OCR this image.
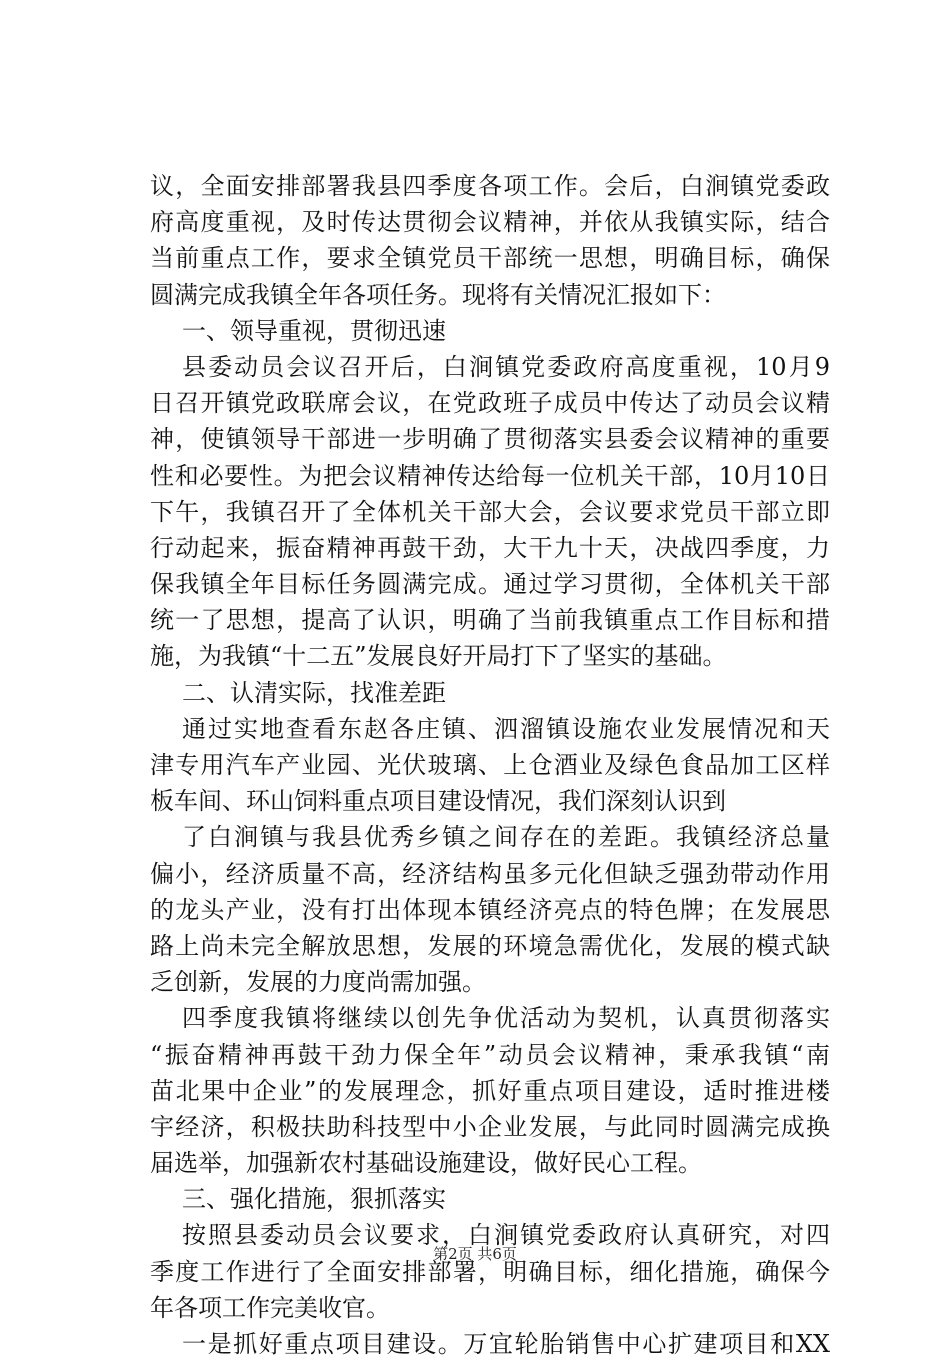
议，全面安排部署我县四季度各项工作。会后，白涧镇党委政
府高度重视，及时传达贯彻会议精神，并依从我镇实际，结合
当前重点工作，要求全镇党员干部统一思想，明确目标，确保
圆满完成我镇全年各项任务。现将有关情况汇报如下：
一、领导重视，贯彻迅速
县委动员会议召开后，白涧镇党委政府高度重视，10月9
日召开镇党政联席会议，在党政班子成员中传达了动员会议精
神，使镇领导干部进一步明确了贯彻落实县委会议精神的重要
性和必要性。为把会议精神传达给每一位机关干部，10月10日
下午，我镇召开了全体机关干部大会，会议要求党员干部立即
行动起来，振奋精神再鼓干劲，大干九十天，决战四季度，力
保我镇全年目标任务圆满完成。通过学习贯彻，全体机关干部
统一了思想，提高了认识，明确了当前我镇重点工作目标和措
施，为我镇“十二五”发展良好开局打下了坚实的基础。
二、认清实际，找准差距
通过实地查看东赵各庄镇、泗溜镇设施农业发展情况和天
津专用汽车产业园、光伏玻璃、上仓酒业及绿色食品加工区样
板车间、环山饲料重点项目建设情况，我们深刻认识到
了白涧镇与我县优秀乡镇之间存在的差距。我镇经济总量
偏小，经济质量不高，经济结构虽多元化但缺乏强劲带动作用
的龙头产业，没有打出体现本镇经济亮点的特色牌；在发展思
路上尚未完全解放思想，发展的环境急需优化，发展的模式缺
乏创新，发展的力度尚需加强。
四季度我镇将继续以创先争优活动为契机，认真贯彻落实
“振奋精神再鼓干劲力保全年”动员会议精神，秉承我镇“南
苗北果中企业”的发展理念，抓好重点项目建设，适时推进楼
宇经济，积极扶助科技型中小企业发展，与此同时圆满完成换
届选举，加强新农村基础设施建设，做好民心工程。
三、强化措施，狠抓落实
按照县委动员会议要求，白涧镇党委政府认真研究，对四
季度工作进行了全面安排部署，明确目标，细化措施，确保今
年各项工作完美收官。
一是抓好重点项目建设。万宜轮胎销售中心扩建项目和XX
第2页 共6页
